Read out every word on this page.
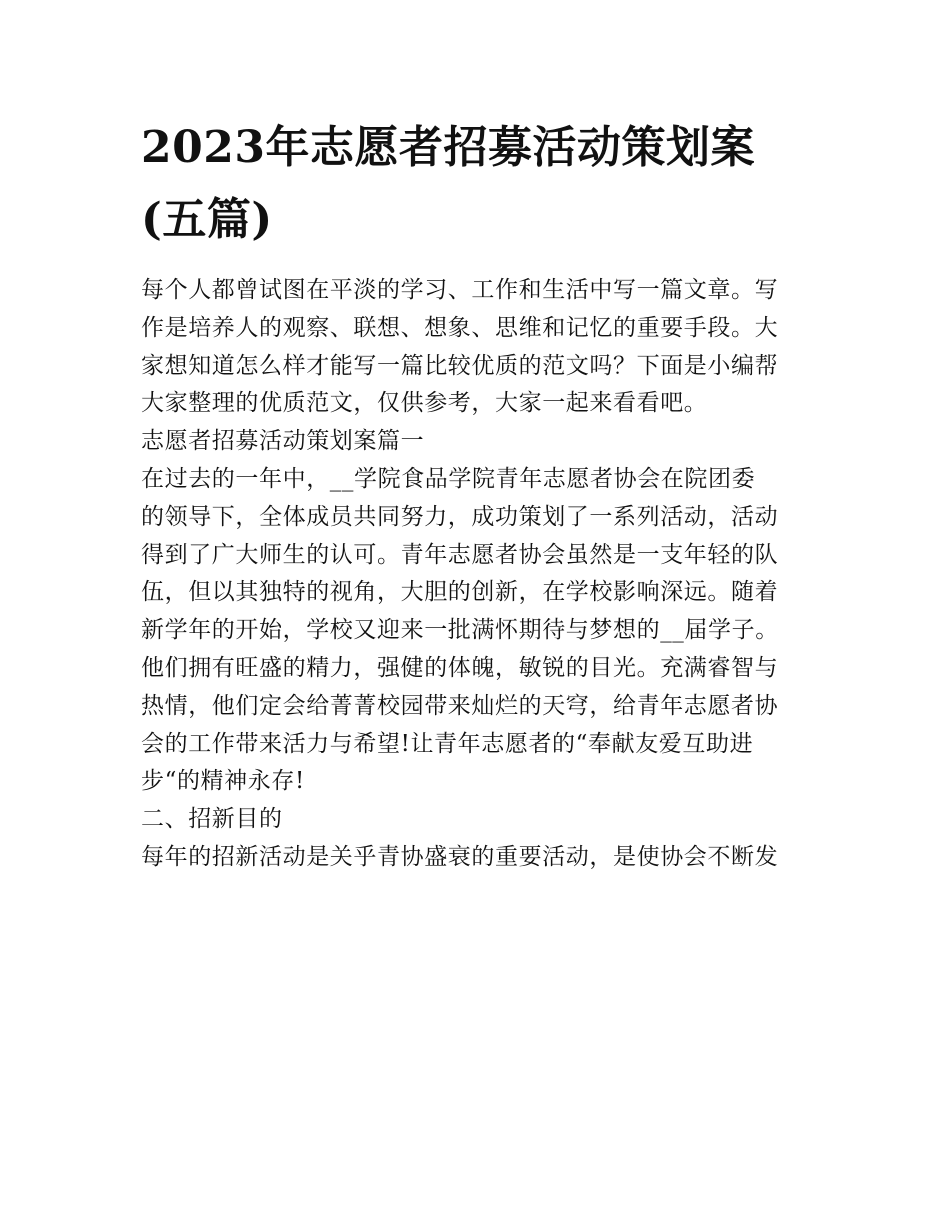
2023年志愿者招募活动策划案
(五篇)

每个人都曾试图在平淡的学习、工作和生活中写一篇文章。写
作是培养人的观察、联想、想象、思维和记忆的重要手段。大
家想知道怎么样才能写一篇比较优质的范文吗？下面是小编帮
大家整理的优质范文，仅供参考，大家一起来看看吧。

志愿者招募活动策划案篇一

在过去的一年中，__学院食品学院青年志愿者协会在院团委
的领导下，全体成员共同努力，成功策划了一系列活动，活动
得到了广大师生的认可。青年志愿者协会虽然是一支年轻的队
伍，但以其独特的视角，大胆的创新，在学校影响深远。随着
新学年的开始，学校又迎来一批满怀期待与梦想的__届学子。
他们拥有旺盛的精力，强健的体魄，敏锐的目光。充满睿智与
热情，他们定会给菁菁校园带来灿烂的天穹，给青年志愿者协
会的工作带来活力与希望!让青年志愿者的“奉献友爱互助进
步“的精神永存!

二、招新目的

每年的招新活动是关乎青协盛衰的重要活动，是使协会不断发
